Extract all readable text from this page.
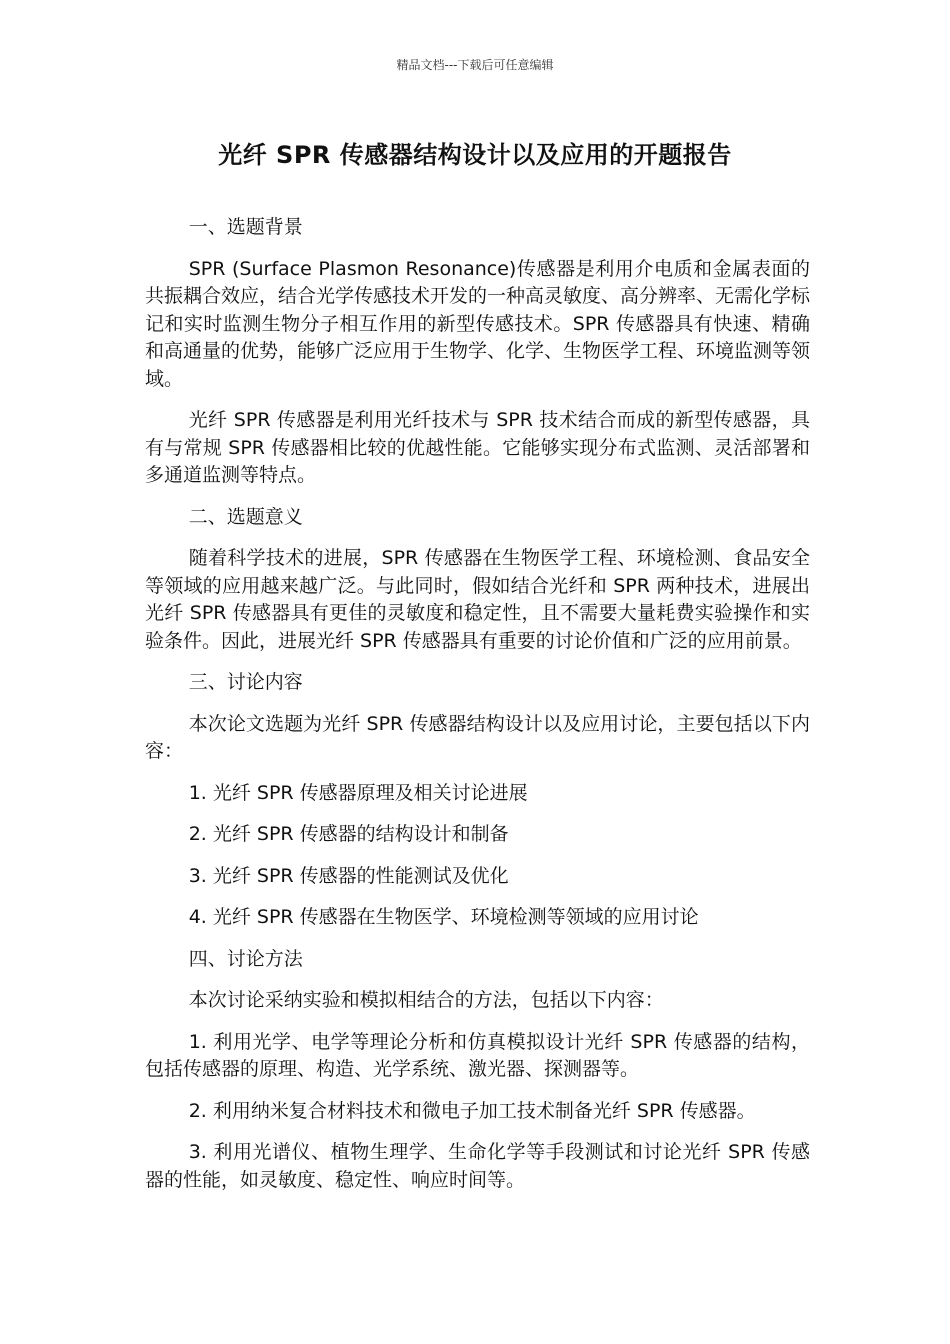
精品文档---下载后可任意编辑
光纤 SPR 传感器结构设计以及应用的开题报告

一、选题背景

SPR (Surface Plasmon Resonance)传感器是利用介电质和金属表面的共振耦合效应，结合光学传感技术开发的一种高灵敏度、高分辨率、无需化学标记和实时监测生物分子相互作用的新型传感技术。SPR 传感器具有快速、精确和高通量的优势，能够广泛应用于生物学、化学、生物医学工程、环境监测等领域。

光纤 SPR 传感器是利用光纤技术与 SPR 技术结合而成的新型传感器，具有与常规 SPR 传感器相比较的优越性能。它能够实现分布式监测、灵活部署和多通道监测等特点。

二、选题意义

随着科学技术的进展，SPR 传感器在生物医学工程、环境检测、食品安全等领域的应用越来越广泛。与此同时，假如结合光纤和 SPR 两种技术，进展出光纤 SPR 传感器具有更佳的灵敏度和稳定性，且不需要大量耗费实验操作和实验条件。因此，进展光纤 SPR 传感器具有重要的讨论价值和广泛的应用前景。

三、讨论内容

本次论文选题为光纤 SPR 传感器结构设计以及应用讨论，主要包括以下内容：

1. 光纤 SPR 传感器原理及相关讨论进展

2. 光纤 SPR 传感器的结构设计和制备

3. 光纤 SPR 传感器的性能测试及优化

4. 光纤 SPR 传感器在生物医学、环境检测等领域的应用讨论

四、讨论方法

本次讨论采纳实验和模拟相结合的方法，包括以下内容：

1. 利用光学、电学等理论分析和仿真模拟设计光纤 SPR 传感器的结构，包括传感器的原理、构造、光学系统、激光器、探测器等。

2. 利用纳米复合材料技术和微电子加工技术制备光纤 SPR 传感器。

3. 利用光谱仪、植物生理学、生命化学等手段测试和讨论光纤 SPR 传感器的性能，如灵敏度、稳定性、响应时间等。
